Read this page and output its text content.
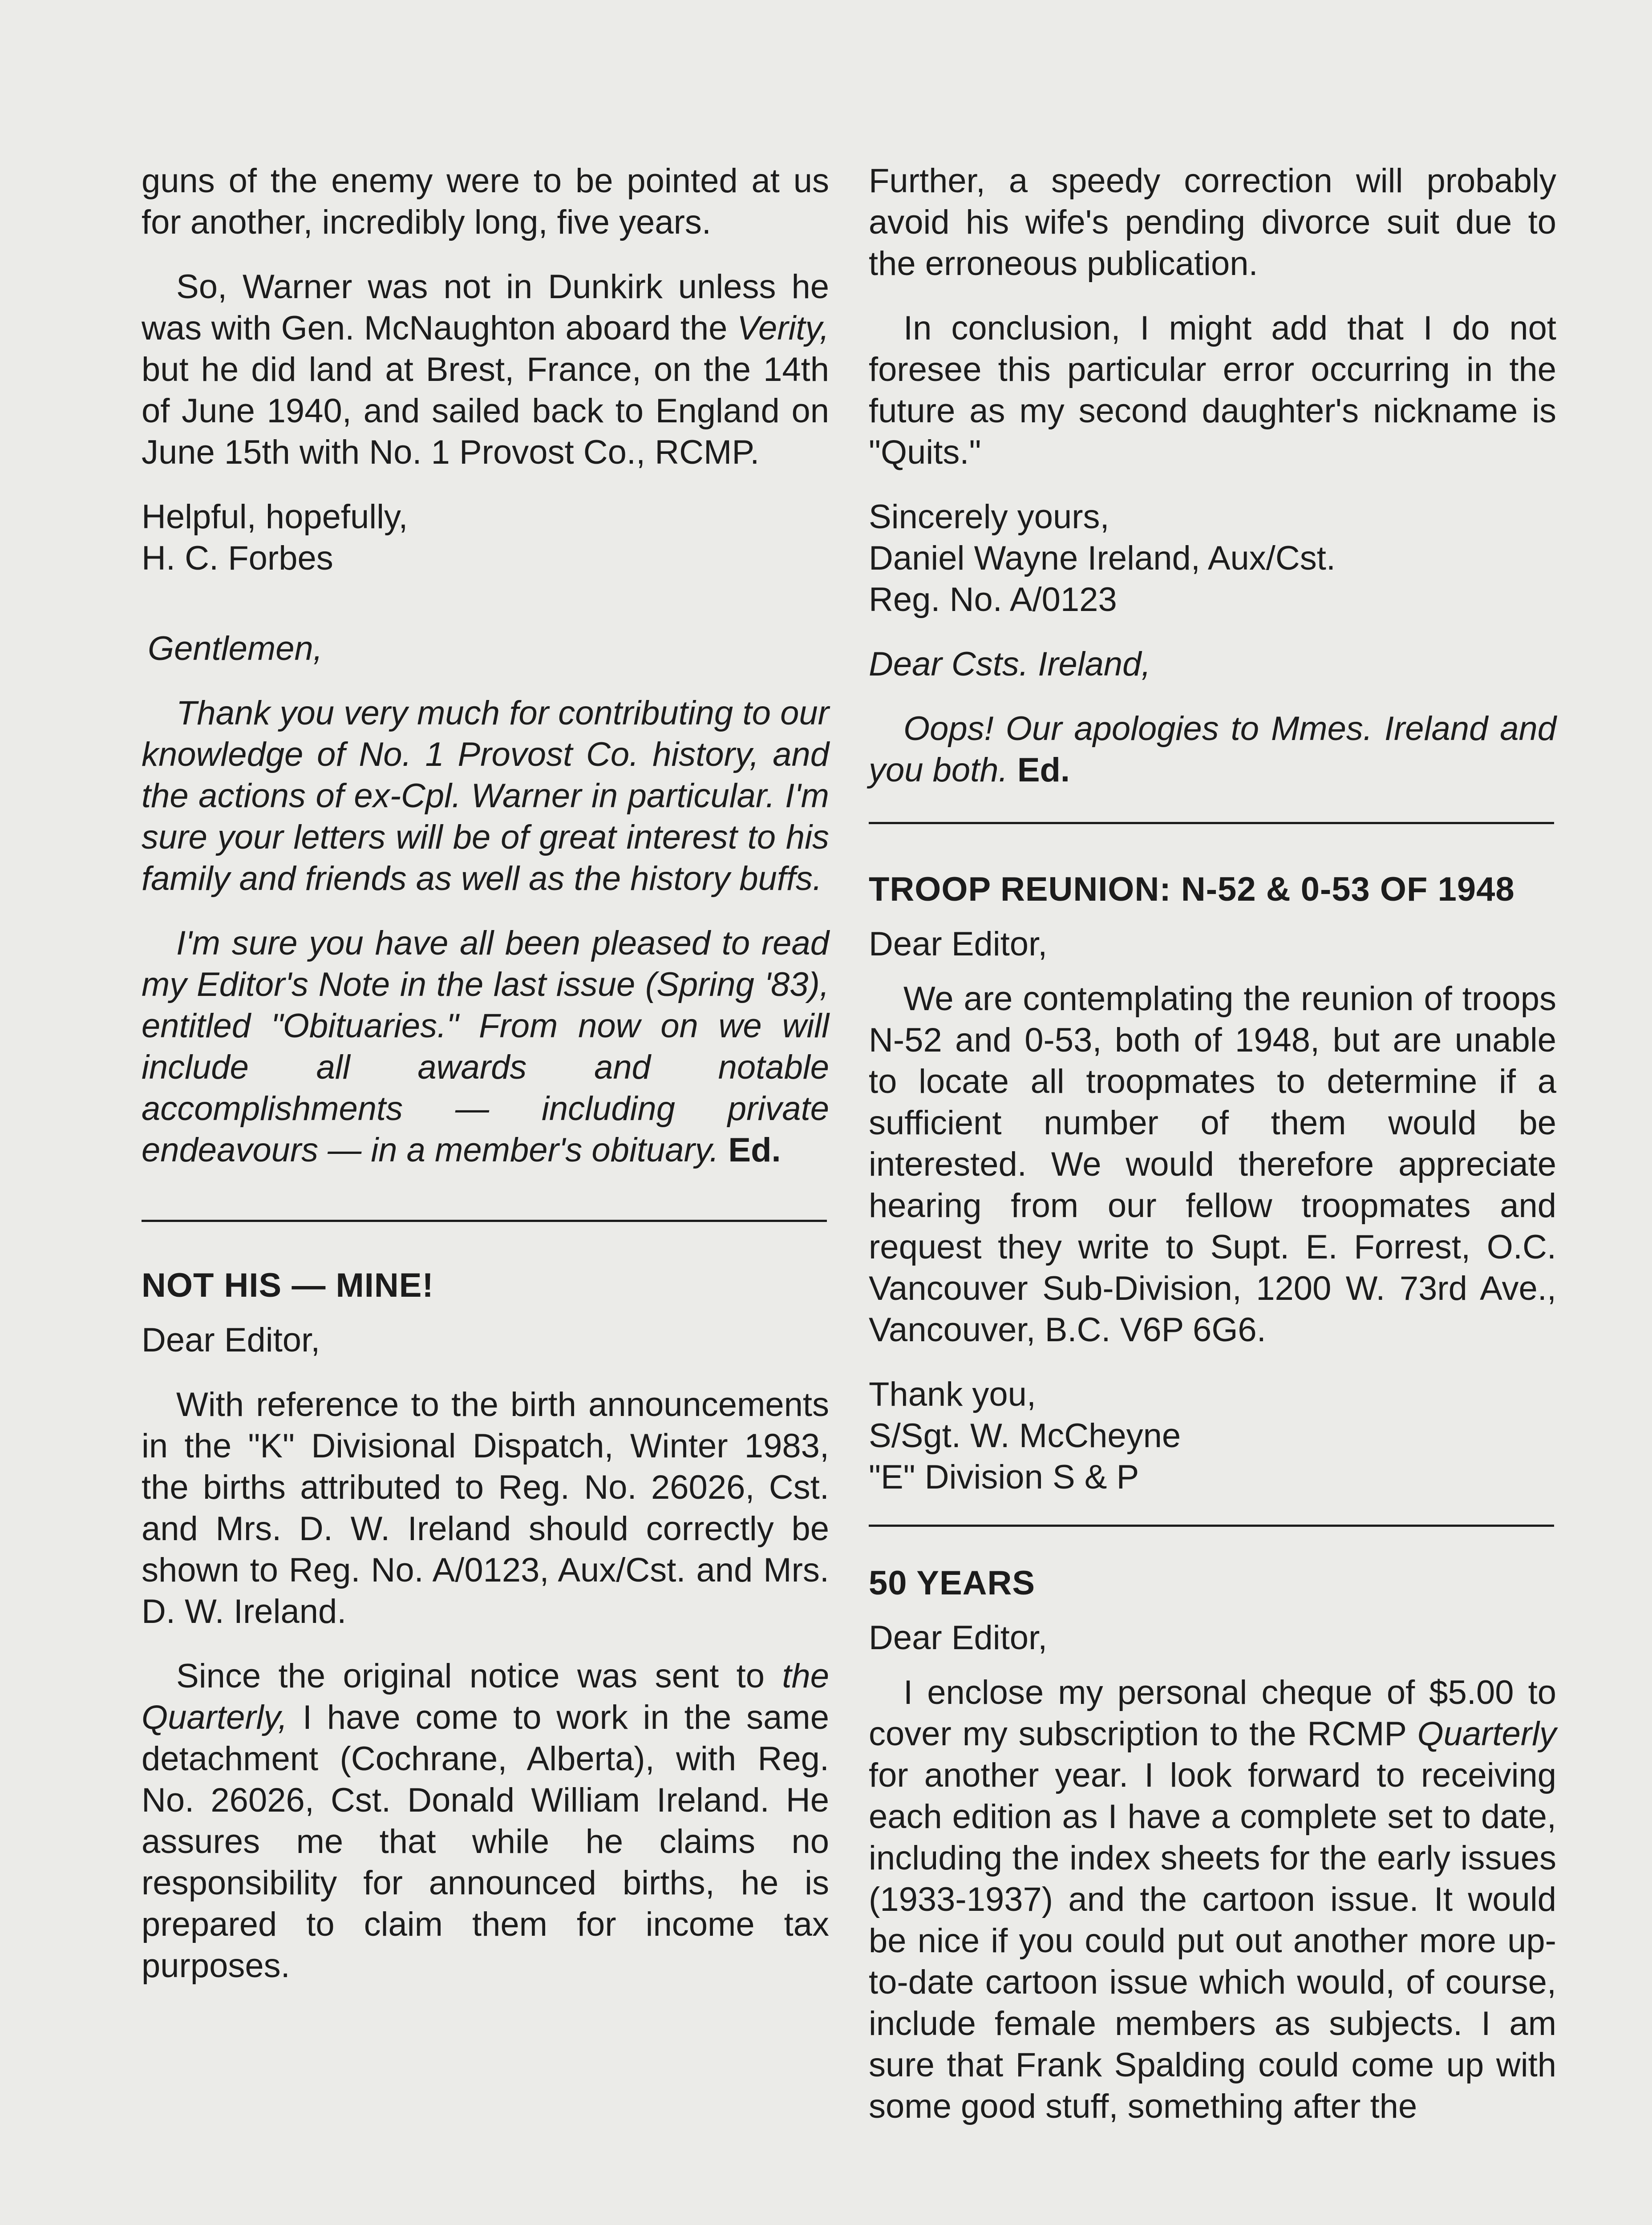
guns of the enemy were to be pointed at us for another, incredibly long, five years.

So, Warner was not in Dunkirk unless he was with Gen. McNaughton aboard the Verity, but he did land at Brest, France, on the 14th of June 1940, and sailed back to England on June 15th with No. 1 Provost Co., RCMP.

Helpful, hopefully,

H. C. Forbes

Gentlemen,

Thank you very much for contributing to our knowledge of No. 1 Provost Co. history, and the actions of ex-Cpl. Warner in particular. I'm sure your letters will be of great interest to his family and friends as well as the history buffs.

I'm sure you have all been pleased to read my Editor's Note in the last issue (Spring '83), entitled "Obituaries." From now on we will include all awards and notable accomplishments — including private endeavours — in a member's obituary. Ed.

NOT HIS — MINE!

Dear Editor,

With reference to the birth announcements in the "K" Divisional Dispatch, Winter 1983, the births attributed to Reg. No. 26026, Cst. and Mrs. D. W. Ireland should correctly be shown to Reg. No. A/0123, Aux/Cst. and Mrs. D. W. Ireland.

Since the original notice was sent to the Quarterly, I have come to work in the same detachment (Cochrane, Alberta), with Reg. No. 26026, Cst. Donald William Ireland. He assures me that while he claims no responsibility for announced births, he is prepared to claim them for income tax purposes.

Further, a speedy correction will probably avoid his wife's pending divorce suit due to the erroneous publication.

In conclusion, I might add that I do not foresee this particular error occurring in the future as my second daughter's nickname is "Quits."

Sincerely yours,

Daniel Wayne Ireland, Aux/Cst.

Reg. No. A/0123

Dear Csts. Ireland,

Oops! Our apologies to Mmes. Ireland and you both. Ed.

TROOP REUNION: N-52 & 0-53 OF 1948

Dear Editor,

We are contemplating the reunion of troops N-52 and 0-53, both of 1948, but are unable to locate all troopmates to determine if a sufficient number of them would be interested. We would therefore appreciate hearing from our fellow troopmates and request they write to Supt. E. Forrest, O.C. Vancouver Sub-Division, 1200 W. 73rd Ave., Vancouver, B.C. V6P 6G6.

Thank you,

S/Sgt. W. McCheyne

"E" Division S & P

50 YEARS

Dear Editor,

I enclose my personal cheque of $5.00 to cover my subscription to the RCMP Quarterly for another year. I look forward to receiving each edition as I have a complete set to date, including the index sheets for the early issues (1933-1937) and the cartoon issue. It would be nice if you could put out another more up-to-date cartoon issue which would, of course, include female members as subjects. I am sure that Frank Spalding could come up with some good stuff, something after the
